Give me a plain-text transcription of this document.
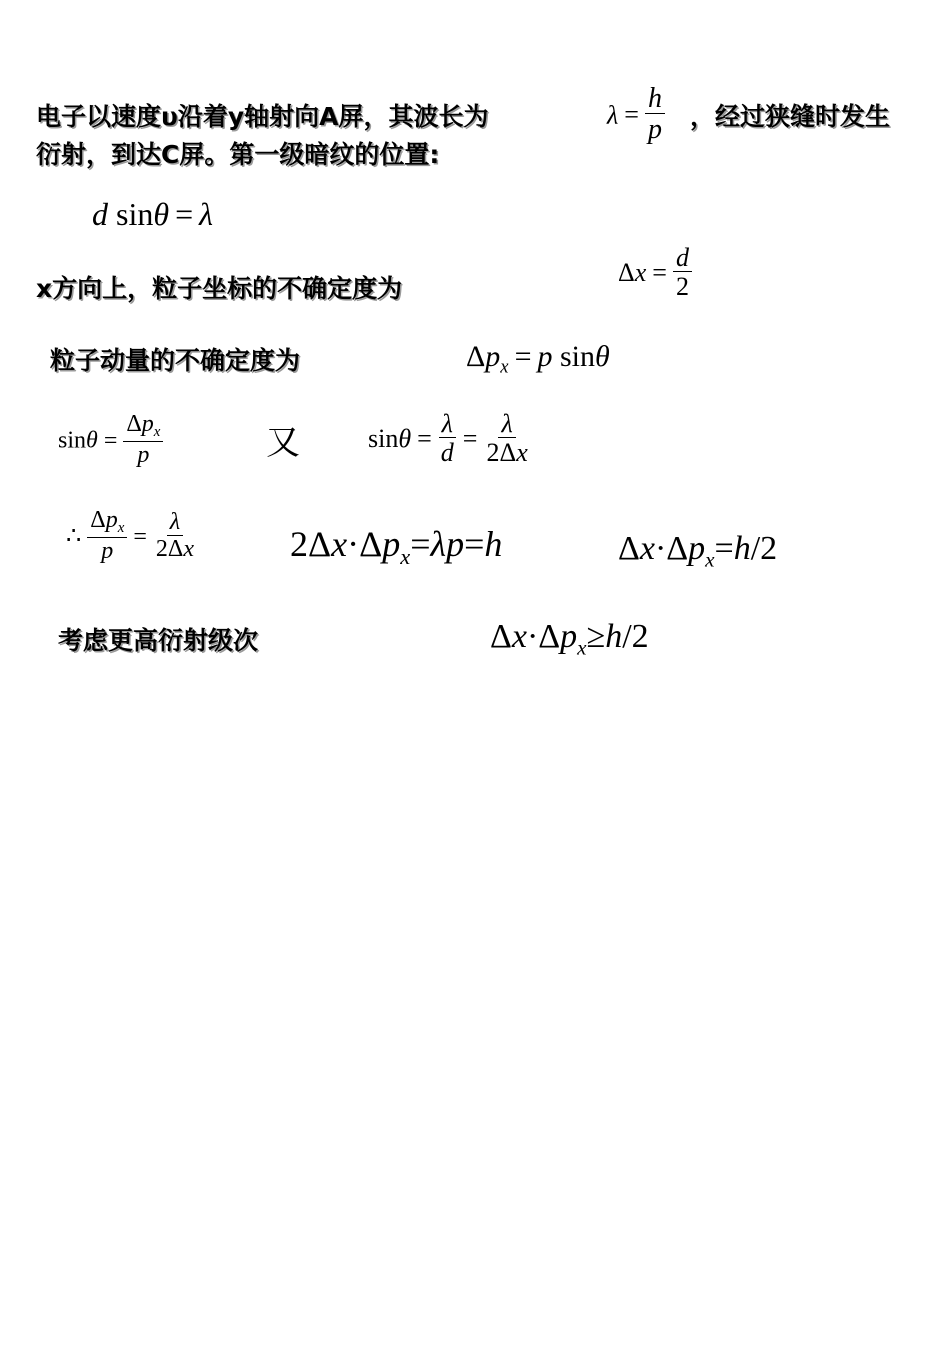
电子以速度υ沿着y轴射向A屏，其波长为	$\lambda = \frac{h}{p}$ ，经过狭缝时发生
衍射，到达C屏。第一级暗纹的位置:
d sinθ = λ
x方向上，粒子坐标的不确定度为
$\Delta x = \frac{d}{2}$
粒子动量的不确定度为	$\Delta p_x = p$ sinθ
$\sin\theta = \frac{\Delta p_x}{p}$	又	$\sin\theta = \frac{\lambda}{d} = \frac{\lambda}{2\Delta x}$
∴ $\frac{\Delta p_x}{p} = \frac{\lambda}{2\Delta x}$	$2\Delta x\cdot\Delta p_x=\lambda p=h$	$\Delta x\cdot\Delta p_x=h/2$
考虑更高衍射级次	$\Delta x\cdot\Delta p_x\ge h/2$
